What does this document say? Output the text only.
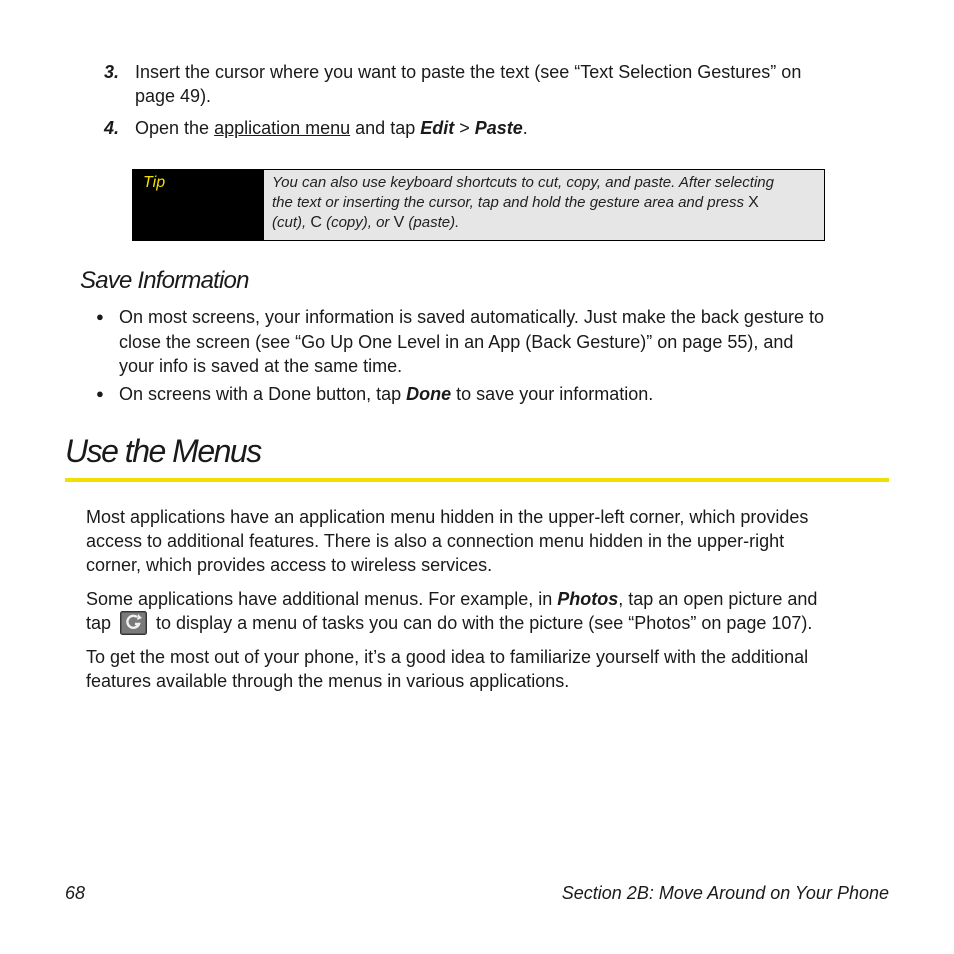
3. Insert the cursor where you want to paste the text (see “Text Selection Gestures” on
page 49).
4. Open the application menu and tap Edit > Paste.
Tip	You can also use keyboard shortcuts to cut, copy, and paste. After selecting
the text or inserting the cursor, tap and hold the gesture area and press X
(cut), C (copy), or V (paste).
Save Information
● On most screens, your information is saved automatically. Just make the back gesture to
close the screen (see “Go Up One Level in an App (Back Gesture)” on page 55), and
your info is saved at the same time.
● On screens with a Done button, tap Done to save your information.
Use the Menus
Most applications have an application menu hidden in the upper-left corner, which provides
access to additional features. There is also a connection menu hidden in the upper-right
corner, which provides access to wireless services.
Some applications have additional menus. For example, in Photos, tap an open picture and
tap  to display a menu of tasks you can do with the picture (see “Photos” on page 107).
To get the most out of your phone, it’s a good idea to familiarize yourself with the additional
features available through the menus in various applications.
68	Section 2B: Move Around on Your Phone
